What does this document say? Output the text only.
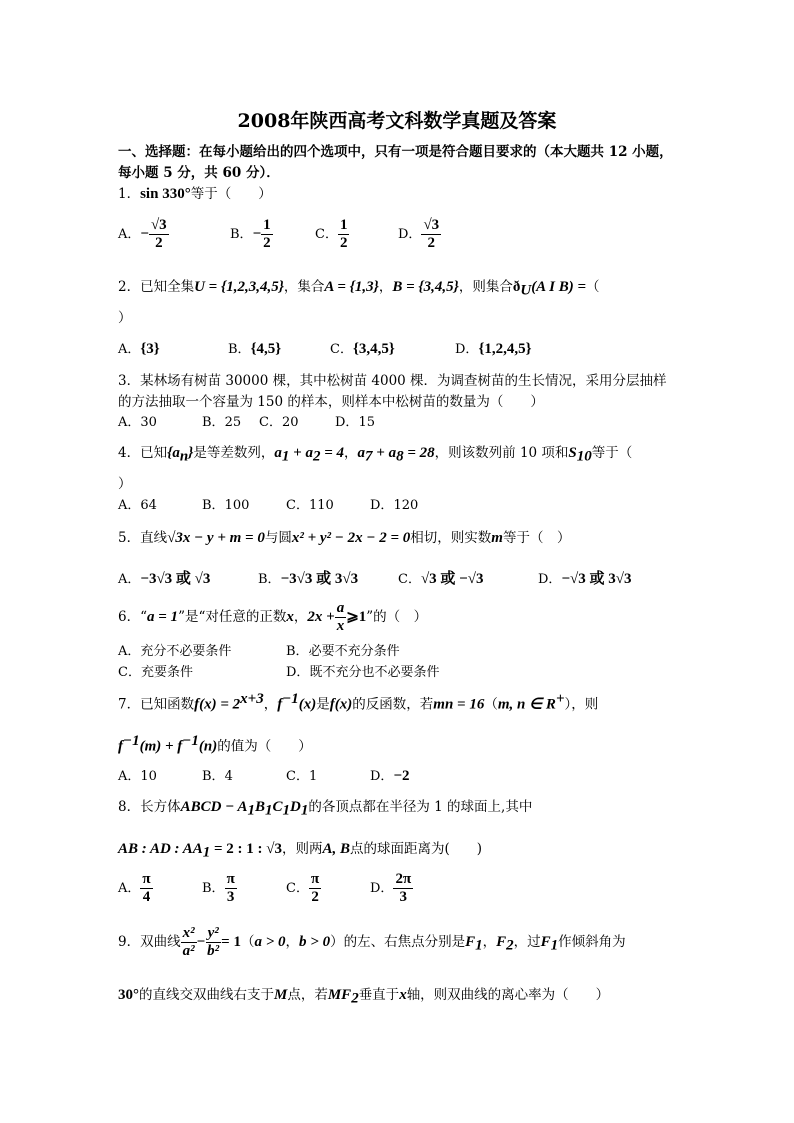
2008年陕西高考文科数学真题及答案
一、选择题：在每小题给出的四个选项中，只有一项是符合题目要求的（本大题共 12 小题，
每小题 5 分，共 60 分）．
1．sin 330°等于（　　）
A．− $\frac{√3}{2}$	B．− $\frac{1}{2}$	C． $\frac{1}{2}$	D． $\frac{√3}{2}$
2．已知全集U = {1,2,3,4,5}，集合A = {1,3}，B = {3,4,5}，则集合$ð_U(A$ I B) =（
）
A．{3}	B．{4,5}	C．{3,4,5}	D．{1,2,4,5}
3．某林场有树苗 30000 棵，其中松树苗 4000 棵．为调查树苗的生长情况，采用分层抽样
的方法抽取一个容量为 150 的样本，则样本中松树苗的数量为（　　）
A．30	B．25 C．20	D．15
4．已知$\{a_n\}$是等差数列，$a_1 + a_2 = 4$，$a_7 + a_8 = 28$，则该数列前 10 项和$S_{10}$等于（
）
A．64	B．100	C．110	D．120
5．直线√3x − y + m = 0与圆x² + y² − 2x − 2 = 0相切，则实数m等于（　）
A．−3√3 或 √3	B．−3√3 或 3√3	C．√3 或 −√3	D．−√3 或 3√3
6．“a = 1”是“对任意的正数x，$2x + \frac{a}{x}$ ⩾1”的（　）
A．充分不必要条件	B．必要不充分条件
C．充要条件	D．既不充分也不必要条件
7．已知函数$f(x) = 2^{x+3}$，$f^{-1}(x)$是f(x)的反函数，若mn = 16（m, n ∈ R+），则
$f^{-1}(m) + f^{-1}(n)$的值为（　　）
A．10	B．4	C．1	D．−2
8．长方体ABCD − $A_1B_1C_1D_1$的各顶点都在半径为 1 的球面上,其中
AB : AD : $AA_1 = 2$ : 1 : √3，则两A, B点的球面距离为(　　)
A． $\frac{\pi}{4}$	B． $\frac{\pi}{3}$	C． $\frac{\pi}{2}$	D． $\frac{2\pi}{3}$
9．双曲线 $\frac{\text{x²}}{\text{a²}} - \frac{\text{y²}}{\text{b²}} = 1(a > 0$，b > 0）的左、右焦点分别是$F_1$，$F_2$，过$F_1$作倾斜角为
30°的直线交双曲线右支于M点，若$MF_2$垂直于x轴，则双曲线的离心率为（　　）
